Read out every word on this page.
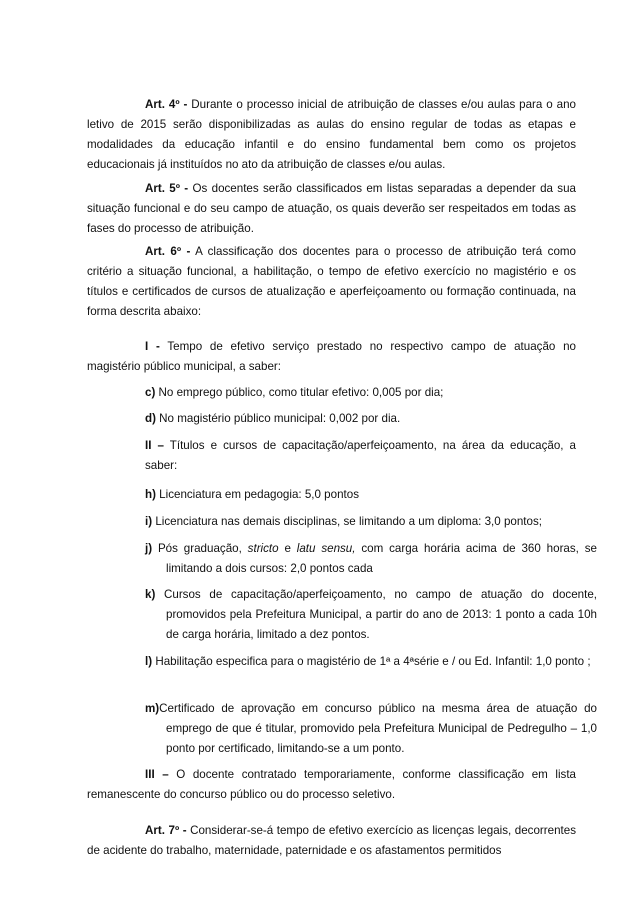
Art. 4º - Durante o processo inicial de atribuição de classes e/ou aulas para o ano letivo de 2015 serão disponibilizadas as aulas do ensino regular de todas as etapas e modalidades da educação infantil e do ensino fundamental bem como os projetos educacionais já instituídos no ato da atribuição de classes e/ou aulas.

Art. 5º - Os docentes serão classificados em listas separadas a depender da sua situação funcional e do seu campo de atuação, os quais deverão ser respeitados em todas as fases do processo de atribuição.

Art. 6º - A classificação dos docentes para o processo de atribuição terá como critério a situação funcional, a habilitação, o tempo de efetivo exercício no magistério e os títulos e certificados de cursos de atualização e aperfeiçoamento ou formação continuada, na forma descrita abaixo:

I - Tempo de efetivo serviço prestado no respectivo campo de atuação no magistério público municipal, a saber:

c) No emprego público, como titular efetivo: 0,005 por dia;

d) No magistério público municipal: 0,002 por dia.

II – Títulos e cursos de capacitação/aperfeiçoamento, na área da educação, a saber:

h) Licenciatura em pedagogia: 5,0 pontos

i) Licenciatura nas demais disciplinas, se limitando a um diploma: 3,0 pontos;

j) Pós graduação, stricto e latu sensu, com carga horária acima de 360 horas, se limitando a dois cursos: 2,0 pontos cada

k) Cursos de capacitação/aperfeiçoamento, no campo de atuação do docente, promovidos pela Prefeitura Municipal, a partir do ano de 2013: 1 ponto a cada 10h de carga horária, limitado a dez pontos.

l) Habilitação especifica para o magistério de 1ª a 4ªsérie e / ou Ed. Infantil: 1,0 ponto ;

m)Certificado de aprovação em concurso público na mesma área de atuação do emprego de que é titular, promovido pela Prefeitura Municipal de Pedregulho – 1,0 ponto por certificado, limitando-se a um ponto.

III – O docente contratado temporariamente, conforme classificação em lista remanescente do concurso público ou do processo seletivo.

Art. 7º - Considerar-se-á tempo de efetivo exercício as licenças legais, decorrentes de acidente do trabalho, maternidade, paternidade e os afastamentos permitidos
